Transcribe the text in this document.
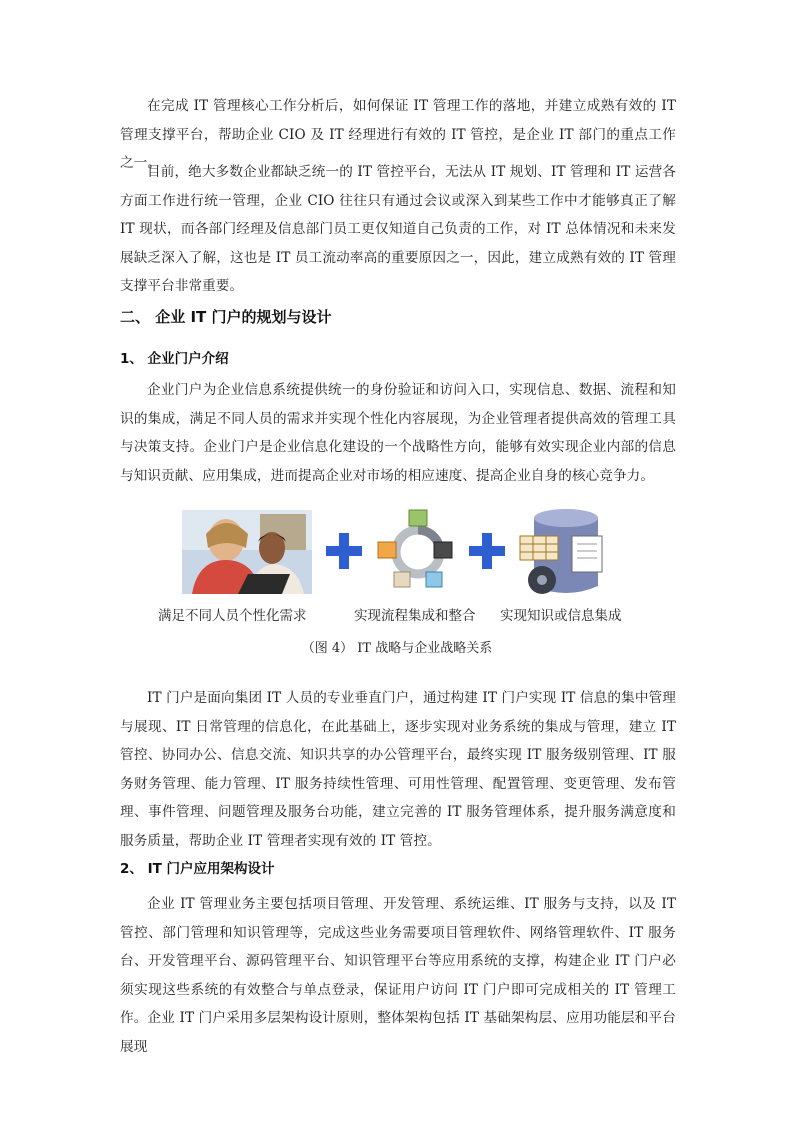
在完成 IT 管理核心工作分析后，如何保证 IT 管理工作的落地，并建立成熟有效的 IT 管理支撑平台，帮助企业 CIO 及 IT 经理进行有效的 IT 管控，是企业 IT 部门的重点工作之一。

目前，绝大多数企业都缺乏统一的 IT 管控平台，无法从 IT 规划、IT 管理和 IT 运营各方面工作进行统一管理，企业 CIO 往往只有通过会议或深入到某些工作中才能够真正了解 IT 现状，而各部门经理及信息部门员工更仅知道自己负责的工作，对 IT 总体情况和未来发展缺乏深入了解，这也是 IT 员工流动率高的重要原因之一，因此，建立成熟有效的 IT 管理支撑平台非常重要。

二、 企业 IT 门户的规划与设计
1、 企业门户介绍

企业门户为企业信息系统提供统一的身份验证和访问入口，实现信息、数据、流程和知识的集成，满足不同人员的需求并实现个性化内容展现，为企业管理者提供高效的管理工具与决策支持。企业门户是企业信息化建设的一个战略性方向，能够有效实现企业内部的信息与知识贡献、应用集成，进而提高企业对市场的相应速度、提高企业自身的核心竞争力。

满足不同人员个性化需求	实现流程集成和整合 实现知识或信息集成
（图 4） IT 战略与企业战略关系

IT 门户是面向集团 IT 人员的专业垂直门户，通过构建 IT 门户实现 IT 信息的集中管理与展现、IT 日常管理的信息化，在此基础上，逐步实现对业务系统的集成与管理，建立 IT 管控、协同办公、信息交流、知识共享的办公管理平台，最终实现 IT 服务级别管理、IT 服务财务管理、能力管理、IT 服务持续性管理、可用性管理、配置管理、变更管理、发布管理、事件管理、问题管理及服务台功能，建立完善的 IT 服务管理体系，提升服务满意度和服务质量，帮助企业 IT 管理者实现有效的 IT 管控。

2、 IT 门户应用架构设计

企业 IT 管理业务主要包括项目管理、开发管理、系统运维、IT 服务与支持，以及 IT 管控、部门管理和知识管理等，完成这些业务需要项目管理软件、网络管理软件、IT 服务台、开发管理平台、源码管理平台、知识管理平台等应用系统的支撑，构建企业 IT 门户必须实现这些系统的有效整合与单点登录，保证用户访问 IT 门户即可完成相关的 IT 管理工作。企业 IT 门户采用多层架构设计原则，整体架构包括 IT 基础架构层、应用功能层和平台展现
